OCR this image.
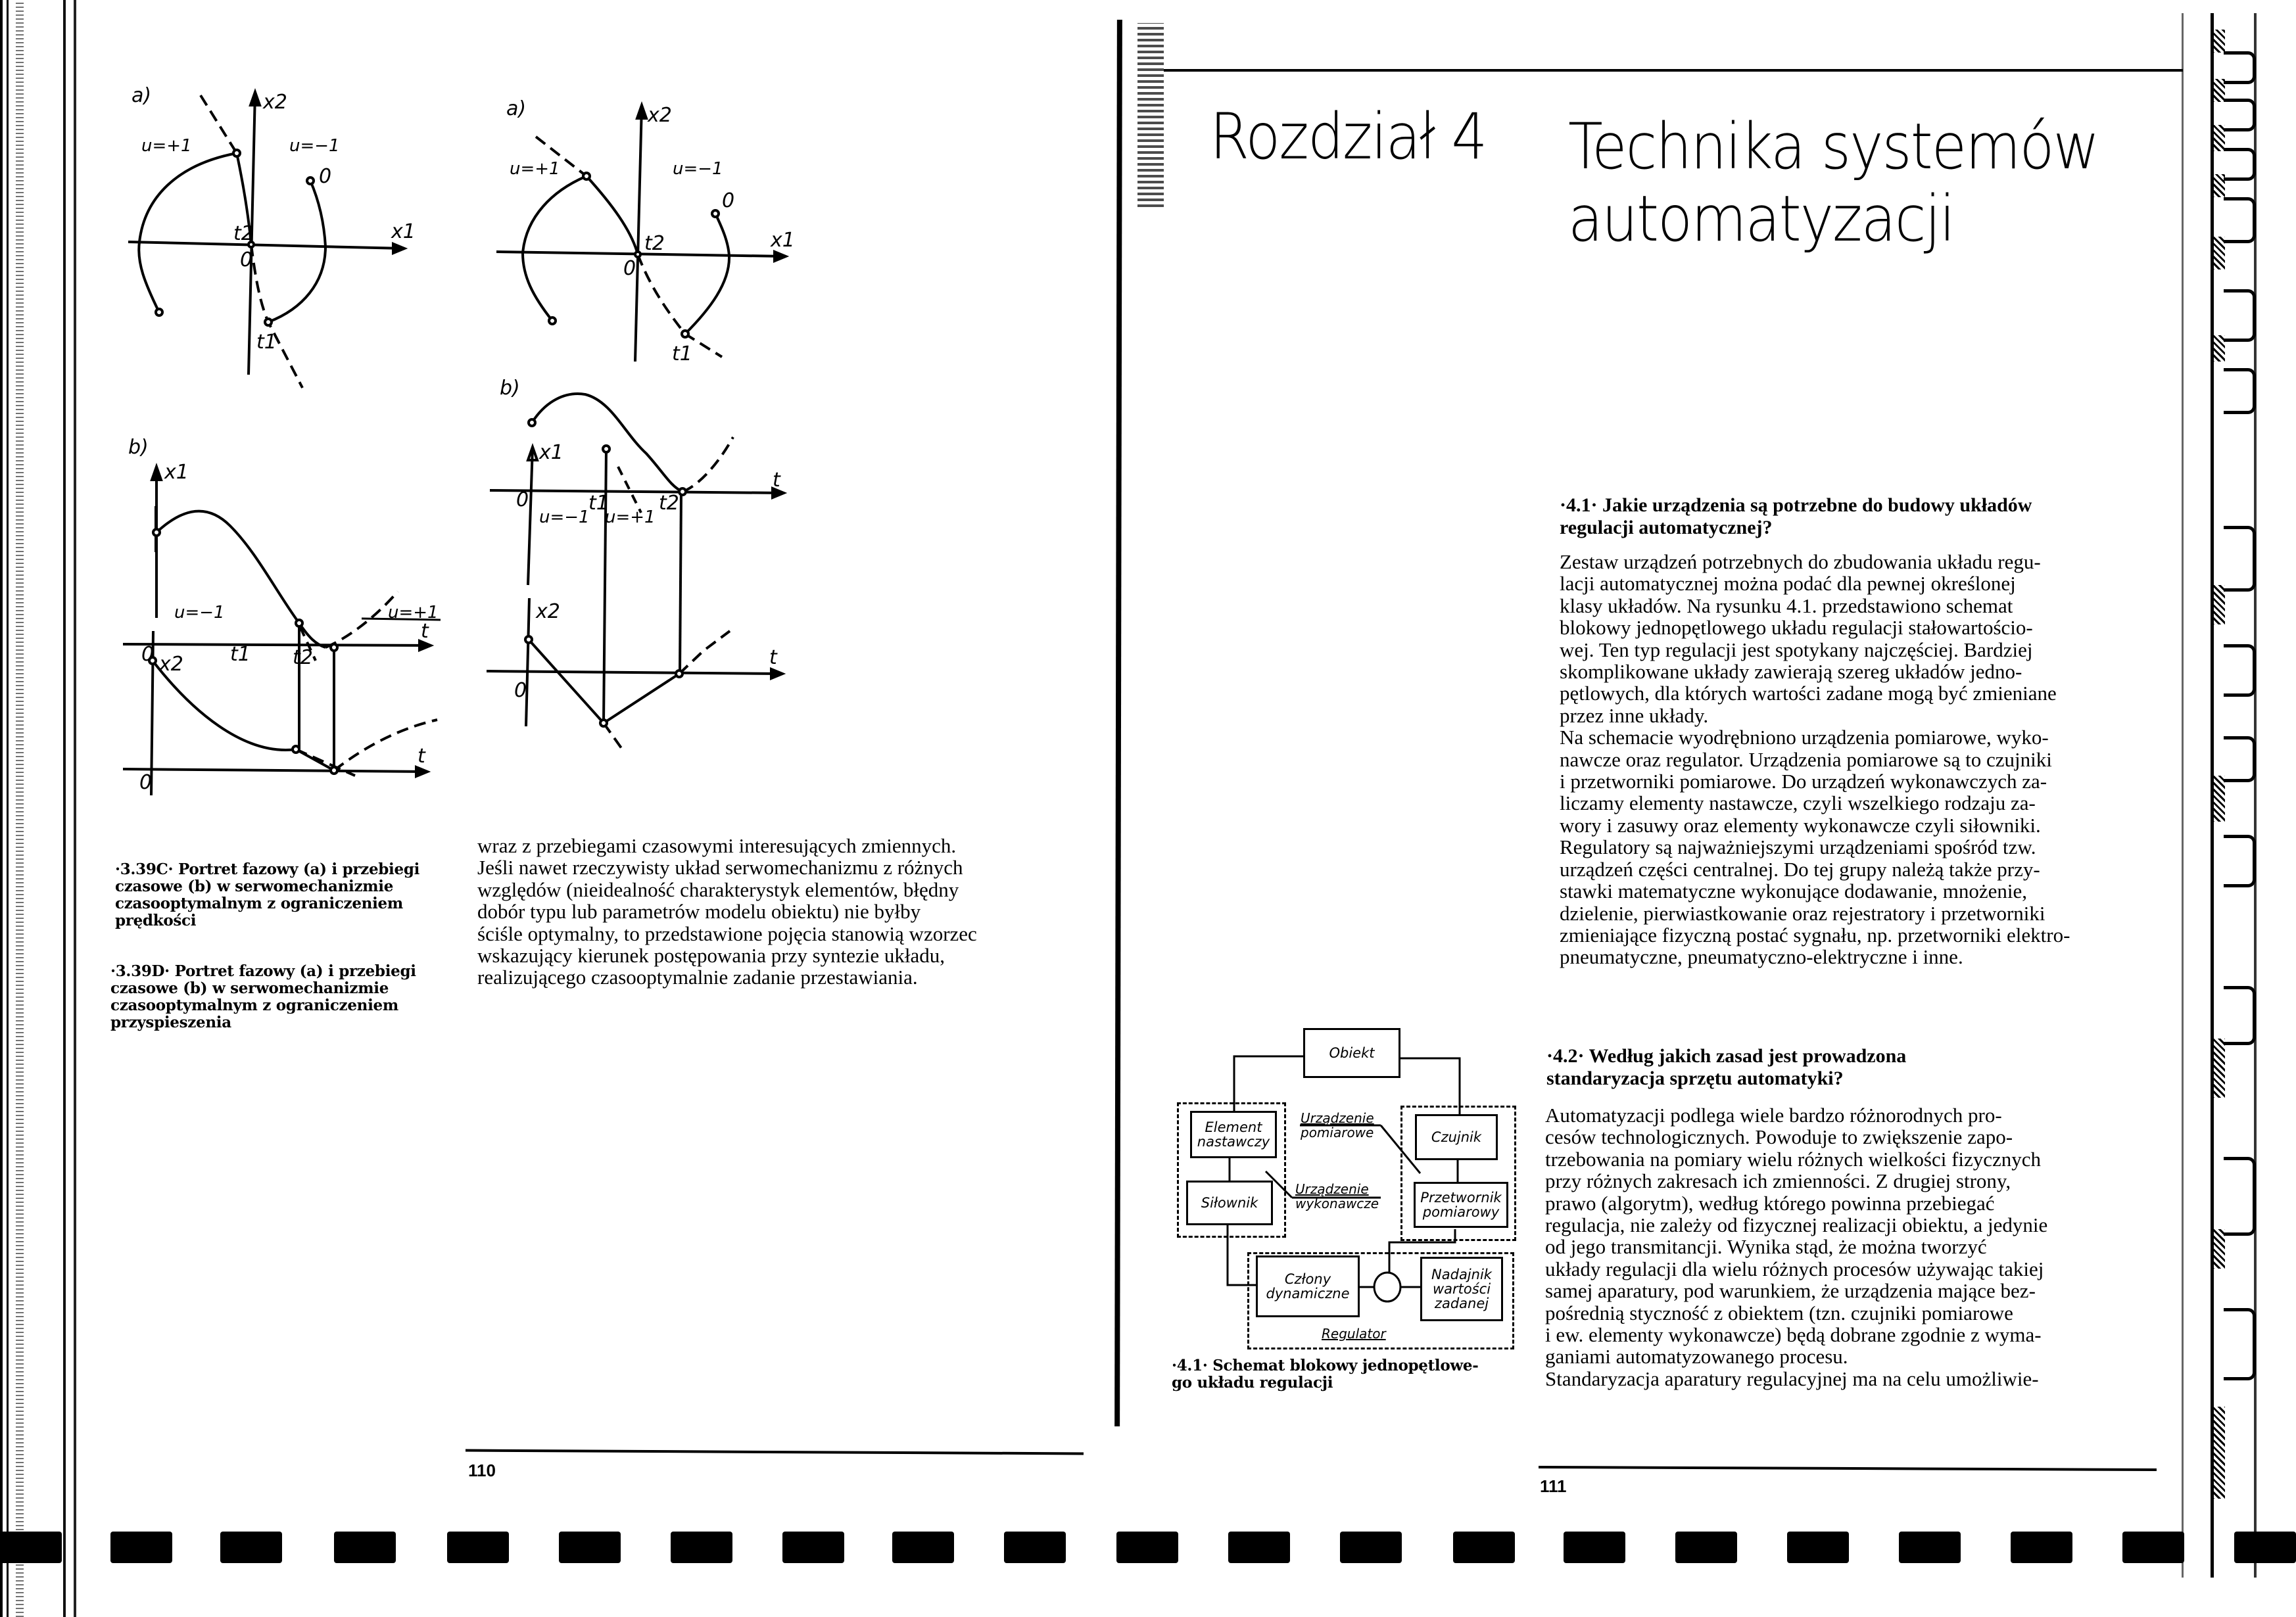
a)	x2
x1
u=+1	u=−1
t2
0
0
t1
b)
x1
t
0	t1 t2
u=−1	u=+1
x2
t
0
a)	x2
x1
u=+1	u=−1
t2
0
0
t1
b)
x1
t
0	t1	t2
u=−1 u=+1
x2
t
0
·3.39C· Portret fazowy (a) i przebiegi czasowe (b) w serwomechanizmie czasooptymalnym z ograniczeniem prędkości
·3.39D· Portret fazowy (a) i przebiegi czasowe (b) w serwomechanizmie czasooptymalnym z ograniczeniem przyspieszenia
wraz z przebiegami czasowymi interesujących zmiennych.
Jeśli nawet rzeczywisty układ serwomechanizmu z różnych
względów (nieidealność charakterystyk elementów, błędny
dobór typu lub parametrów modelu obiektu) nie byłby
ściśle optymalny, to przedstawione pojęcia stanowią wzorzec
wskazujący kierunek postępowania przy syntezie układu,
realizującego czasooptymalnie zadanie przestawiania.
110
Rozdział 4 Technika systemów
automatyzacji
·4.1· Jakie urządzenia są potrzebne do budowy układów
regulacji automatycznej?
Zestaw urządzeń potrzebnych do zbudowania układu regu-
lacji automatycznej można podać dla pewnej określonej
klasy układów. Na rysunku 4.1. przedstawiono schemat
blokowy jednopętlowego układu regulacji stałowartościo-
wej. Ten typ regulacji jest spotykany najczęściej. Bardziej
skomplikowane układy zawierają szereg układów jedno-
pętlowych, dla których wartości zadane mogą być zmieniane
przez inne układy.
Na schemacie wyodrębniono urządzenia pomiarowe, wyko-
nawcze oraz regulator. Urządzenia pomiarowe są to czujniki
i przetworniki pomiarowe. Do urządzeń wykonawczych za-
liczamy elementy nastawcze, czyli wszelkiego rodzaju za-
wory i zasuwy oraz elementy wykonawcze czyli siłowniki.
Regulatory są najważniejszymi urządzeniami spośród tzw.
urządzeń części centralnej. Do tej grupy należą także przy-
stawki matematyczne wykonujące dodawanie, mnożenie,
dzielenie, pierwiastkowanie oraz rejestratory i przetworniki
zmieniające fizyczną postać sygnału, np. przetworniki elektro-
pneumatyczne, pneumatyczno-elektryczne i inne.
·4.2· Według jakich zasad jest prowadzona
standaryzacja sprzętu automatyki?
Automatyzacji podlega wiele bardzo różnorodnych pro-
cesów technologicznych. Powoduje to zwiększenie zapo-
trzebowania na pomiary wielu różnych wielkości fizycznych
przy różnych zakresach ich zmienności. Z drugiej strony,
prawo (algorytm), według którego powinna przebiegać
regulacja, nie zależy od fizycznej realizacji obiektu, a jedynie
od jego transmitancji. Wynika stąd, że można tworzyć
układy regulacji dla wielu różnych procesów używając takiej
samej aparatury, pod warunkiem, że urządzenia mające bez-
pośrednią styczność z obiektem (tzn. czujniki pomiarowe
i ew. elementy wykonawcze) będą dobrane zgodnie z wyma-
ganiami automatyzowanego procesu.
Standaryzacja aparatury regulacyjnej ma na celu umożliwie-
Obiekt
Element
nastawczy
Siłownik
Czujnik
Przetwornik
pomiarowy
Człony
dynamiczne
Nadajnik
wartości
zadanej
Urządzenie
pomiarowe
Urządzenie
wykonawcze
Regulator
·4.1· Schemat blokowy jednopętlowe-
go układu regulacji
111
